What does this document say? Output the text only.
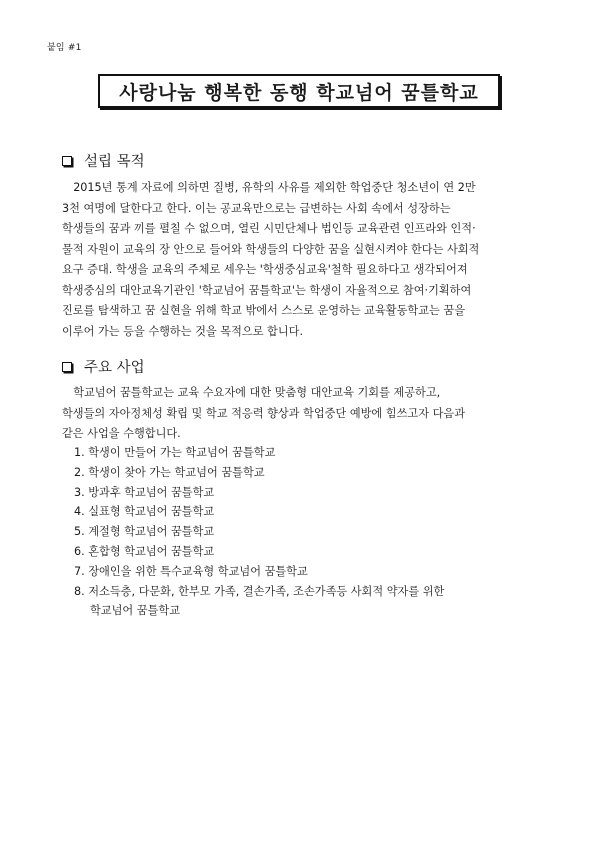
붙임 #1
사랑나눔 행복한 동행 학교넘어 꿈틀학교
설립 목적
　2015년 통계 자료에 의하면 질병, 유학의 사유를 제외한 학업중단 청소년이 연 2만
3천 여명에 달한다고 한다. 이는 공교육만으로는 급변하는 사회 속에서 성장하는
학생들의 꿈과 끼를 펼칠 수 없으며, 열린 시민단체나 법인등 교육관련 인프라와 인적·
물적 자원이 교육의 장 안으로 들어와 학생들의 다양한 꿈을 실현시켜야 한다는 사회적
요구 증대. 학생을 교육의 주체로 세우는 '학생중심교육'철학 필요하다고 생각되어져
학생중심의 대안교육기관인 '학교넘어 꿈틀학교'는 학생이 자율적으로 참여·기획하여
진로를 탐색하고 꿈 실현을 위해 학교 밖에서 스스로 운영하는 교육활동학교는 꿈을
이루어 가는 등을 수행하는 것을 목적으로 합니다.
주요 사업
　학교넘어 꿈틀학교는 교육 수요자에 대한 맞춤형 대안교육 기회를 제공하고,
학생들의 자아정체성 확립 및 학교 적응력 향상과 학업중단 예방에 힘쓰고자 다음과
같은 사업을 수행합니다.
1. 학생이 만들어 가는 학교넘어 꿈틀학교
2. 학생이 찾아 가는 학교넘어 꿈틀학교
3. 방과후 학교넘어 꿈틀학교
4. 실표형 학교넘어 꿈틀학교
5. 계절형 학교넘어 꿈틀학교
6. 혼합형 학교넘어 꿈틀학교
7. 장애인을 위한 특수교육형 학교넘어 꿈틀학교
8. 저소득층, 다문화, 한부모 가족, 결손가족, 조손가족등 사회적 약자를 위한
학교넘어 꿈틀학교
